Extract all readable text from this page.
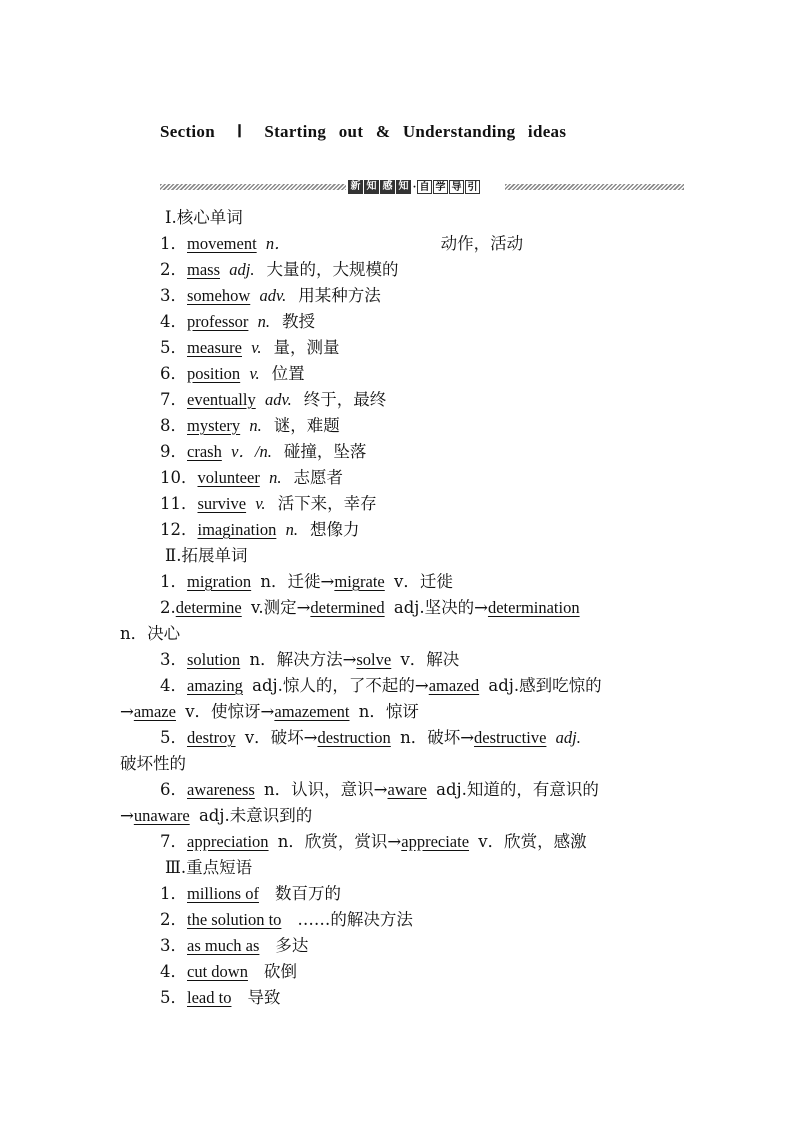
Section Ⅰ Starting out & Understanding ideas
新 知 感 知 · 自 学 导 引
Ⅰ.核心单词
1．movement n．	动作，活动
2．mass adj. 大量的，大规模的
3．somehow adv. 用某种方法
4．professor n. 教授
5．measure v. 量，测量
6．position v. 位置
7．eventually adv. 终于，最终
8．mystery n. 谜，难题
9．crash v．/n. 碰撞，坠落
10．volunteer n. 志愿者
11．survive v. 活下来，幸存
12．imagination n. 想像力
Ⅱ.拓展单词
1．migration n．迁徙→migrate v．迁徙
2.determine v.测定→determined adj.坚决的→determination
n．决心
3．solution n．解决方法→solve v．解决
4．amazing adj.惊人的，了不起的→amazed adj.感到吃惊的
→amaze v．使惊讶→amazement n．惊讶
5．destroy v．破坏→destruction n．破坏→destructive adj.
破坏性的
6．awareness n．认识，意识→aware adj.知道的，有意识的
→unaware adj.未意识到的
7．appreciation n．欣赏，赏识→appreciate v．欣赏，感激
Ⅲ.重点短语
1．millions of 数百万的
2．the solution to ……的解决方法
3．as much as 多达
4．cut down 砍倒
5．lead to 导致
